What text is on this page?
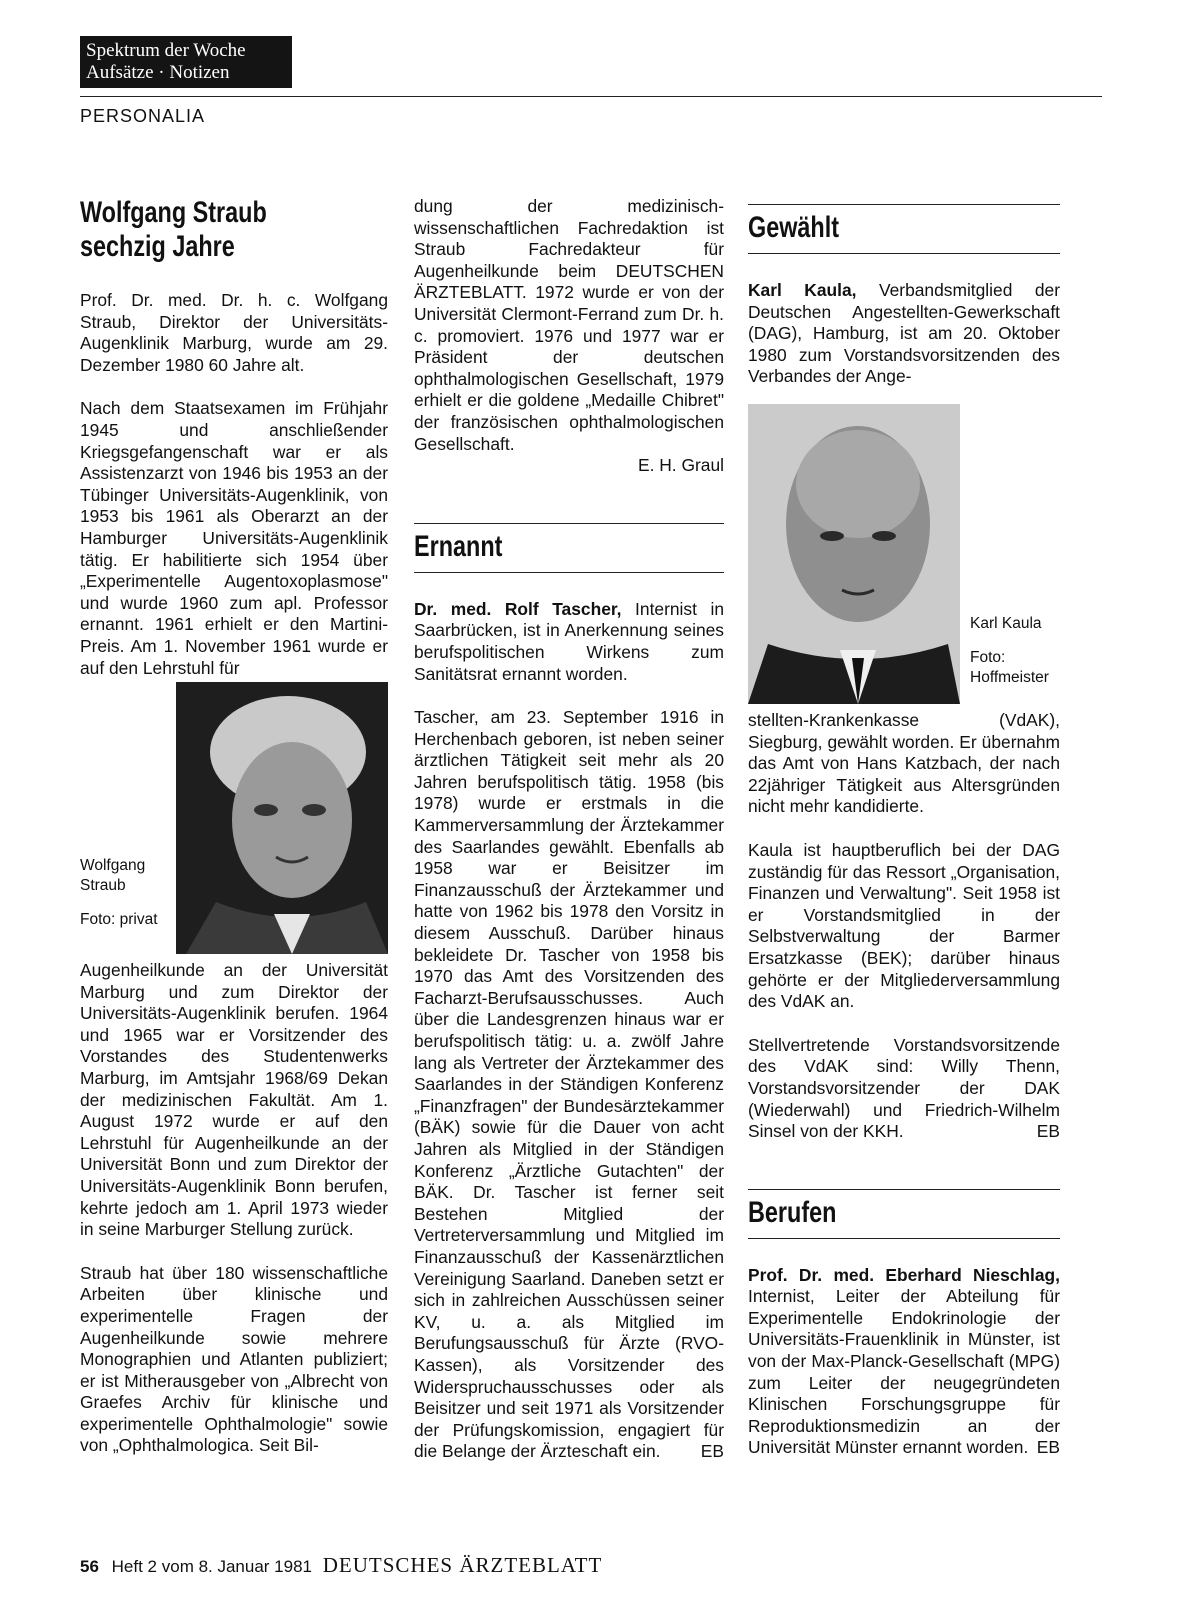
Spektrum der Woche
Aufsätze · Notizen
PERSONALIA
Wolfgang Straub
sechzig Jahre

Prof. Dr. med. Dr. h. c. Wolfgang Straub, Direktor der Universitäts-Augenklinik Marburg, wurde am 29. Dezember 1980 60 Jahre alt.

Nach dem Staatsexamen im Frühjahr 1945 und anschließender Kriegsgefangenschaft war er als Assistenzarzt von 1946 bis 1953 an der Tübinger Universitäts-Augenklinik, von 1953 bis 1961 als Oberarzt an der Hamburger Universitäts-Augenklinik tätig. Er habilitierte sich 1954 über „Experimentelle Augentoxoplasmose" und wurde 1960 zum apl. Professor ernannt. 1961 erhielt er den Martini-Preis. Am 1. November 1961 wurde er auf den Lehrstuhl für

Wolfgang Straub
Foto: privat

Augenheilkunde an der Universität Marburg und zum Direktor der Universitäts-Augenklinik berufen. 1964 und 1965 war er Vorsitzender des Vorstandes des Studentenwerks Marburg, im Amtsjahr 1968/69 Dekan der medizinischen Fakultät. Am 1. August 1972 wurde er auf den Lehrstuhl für Augenheilkunde an der Universität Bonn und zum Direktor der Universitäts-Augenklinik Bonn berufen, kehrte jedoch am 1. April 1973 wieder in seine Marburger Stellung zurück.

Straub hat über 180 wissenschaftliche Arbeiten über klinische und experimentelle Fragen der Augenheilkunde sowie mehrere Monographien und Atlanten publiziert; er ist Mitherausgeber von „Albrecht von Graefes Archiv für klinische und experimentelle Ophthalmologie" sowie von „Ophthalmologica. Seit Bil-

dung der medizinisch-wissenschaftlichen Fachredaktion ist Straub Fachredakteur für Augenheilkunde beim DEUTSCHEN ÄRZTEBLATT. 1972 wurde er von der Universität Clermont-Ferrand zum Dr. h. c. promoviert. 1976 und 1977 war er Präsident der deutschen ophthalmologischen Gesellschaft, 1979 erhielt er die goldene „Medaille Chibret" der französischen ophthalmologischen Gesellschaft.

E. H. Graul
Ernannt

Dr. med. Rolf Tascher, Internist in Saarbrücken, ist in Anerkennung seines berufspolitischen Wirkens zum Sanitätsrat ernannt worden.

Tascher, am 23. September 1916 in Herchenbach geboren, ist neben seiner ärztlichen Tätigkeit seit mehr als 20 Jahren berufspolitisch tätig. 1958 (bis 1978) wurde er erstmals in die Kammerversammlung der Ärztekammer des Saarlandes gewählt. Ebenfalls ab 1958 war er Beisitzer im Finanzausschuß der Ärztekammer und hatte von 1962 bis 1978 den Vorsitz in diesem Ausschuß. Darüber hinaus bekleidete Dr. Tascher von 1958 bis 1970 das Amt des Vorsitzenden des Facharzt-Berufsausschusses. Auch über die Landesgrenzen hinaus war er berufspolitisch tätig: u. a. zwölf Jahre lang als Vertreter der Ärztekammer des Saarlandes in der Ständigen Konferenz „Finanzfragen" der Bundesärztekammer (BÄK) sowie für die Dauer von acht Jahren als Mitglied in der Ständigen Konferenz „Ärztliche Gutachten" der BÄK. Dr. Tascher ist ferner seit Bestehen Mitglied der Vertreterversammlung und Mitglied im Finanzausschuß der Kassenärztlichen Vereinigung Saarland. Daneben setzt er sich in zahlreichen Ausschüssen seiner KV, u. a. als Mitglied im Berufungsausschuß für Ärzte (RVO-Kassen), als Vorsitzender des Widerspruchausschusses oder als Beisitzer und seit 1971 als Vorsitzender der Prüfungskomission, engagiert für die Belange der Ärzteschaft ein.	EB
Gewählt

Karl Kaula, Verbandsmitglied der Deutschen Angestellten-Gewerkschaft (DAG), Hamburg, ist am 20. Oktober 1980 zum Vorstandsvorsitzenden des Verbandes der Ange-

Karl Kaula
Foto: Hoffmeister

stellten-Krankenkasse (VdAK), Siegburg, gewählt worden. Er übernahm das Amt von Hans Katzbach, der nach 22jähriger Tätigkeit aus Altersgründen nicht mehr kandidierte.

Kaula ist hauptberuflich bei der DAG zuständig für das Ressort „Organisation, Finanzen und Verwaltung". Seit 1958 ist er Vorstandsmitglied in der Selbstverwaltung der Barmer Ersatzkasse (BEK); darüber hinaus gehörte er der Mitgliederversammlung des VdAK an.

Stellvertretende Vorstandsvorsitzende des VdAK sind: Willy Thenn, Vorstandsvorsitzender der DAK (Wiederwahl) und Friedrich-Wilhelm Sinsel von der KKH.	EB
Berufen

Prof. Dr. med. Eberhard Nieschlag, Internist, Leiter der Abteilung für Experimentelle Endokrinologie der Universitäts-Frauenklinik in Münster, ist von der Max-Planck-Gesellschaft (MPG) zum Leiter der neugegründeten Klinischen Forschungsgruppe für Reproduktionsmedizin an der Universität Münster ernannt worden. EB
56 Heft 2 vom 8. Januar 1981 DEUTSCHES ÄRZTEBLATT
